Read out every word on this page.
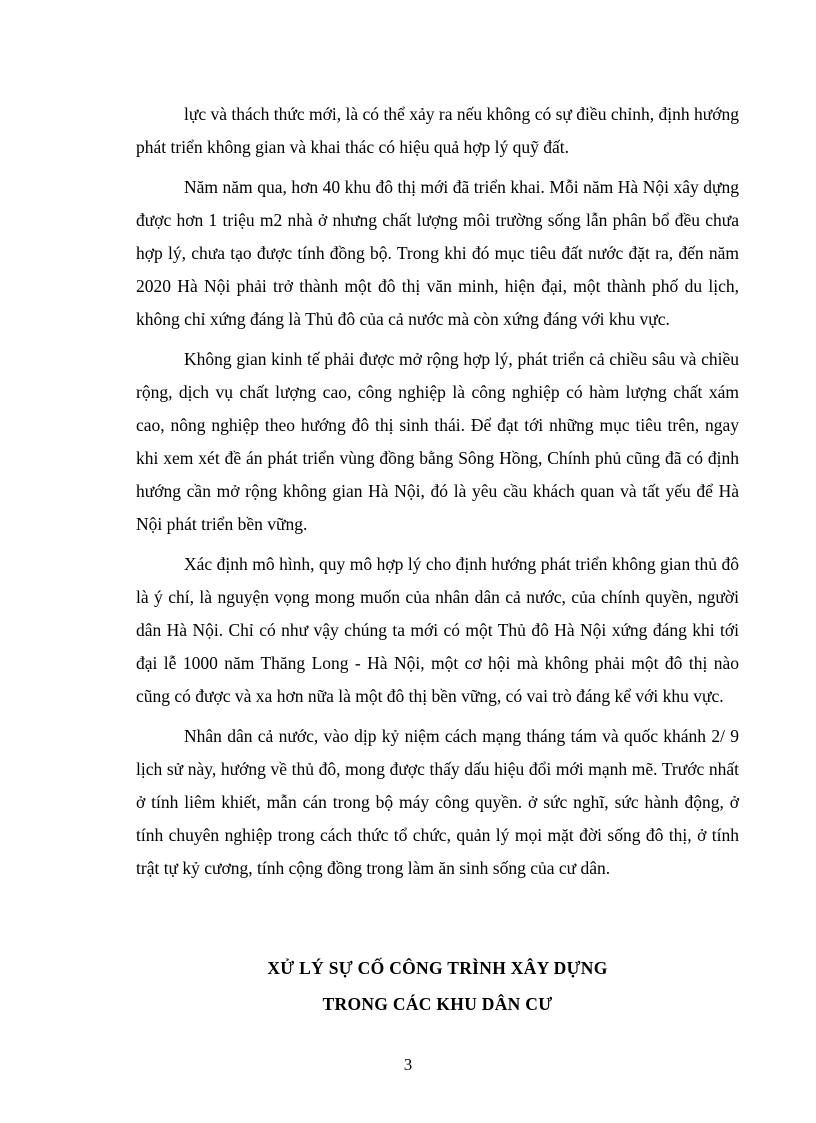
lực và thách thức mới, là có thể xảy ra nếu không có sự điều chỉnh, định hướng phát triển không gian và khai thác có hiệu quả hợp lý quỹ đất.

Năm năm qua, hơn 40 khu đô thị mới đã triển khai. Mỗi năm Hà Nội xây dựng được hơn 1 triệu m2 nhà ở nhưng chất lượng môi trường sống lẫn phân bổ đều chưa hợp lý, chưa tạo được tính đồng bộ. Trong khi đó mục tiêu đất nước đặt ra, đến năm 2020 Hà Nội phải trở thành một đô thị văn minh, hiện đại, một thành phố du lịch, không chỉ xứng đáng là Thủ đô của cả nước mà còn xứng đáng với khu vực.

Không gian kinh tế phải được mở rộng hợp lý, phát triển cả chiều sâu và chiều rộng, dịch vụ chất lượng cao, công nghiệp là công nghiệp có hàm lượng chất xám cao, nông nghiệp theo hướng đô thị sinh thái. Để đạt tới những mục tiêu trên, ngay khi xem xét đề án phát triển vùng đồng bằng Sông Hồng, Chính phủ cũng đã có định hướng cần mở rộng không gian Hà Nội, đó là yêu cầu khách quan và tất yếu để Hà Nội phát triển bền vững.

Xác định mô hình, quy mô hợp lý cho định hướng phát triển không gian thủ đô là ý chí, là nguyện vọng mong muốn của nhân dân cả nước, của chính quyền, người dân Hà Nội. Chỉ có như vậy chúng ta mới có một Thủ đô Hà Nội xứng đáng khi tới đại lễ 1000 năm Thăng Long - Hà Nội, một cơ hội mà không phải một đô thị nào cũng có được và xa hơn nữa là một đô thị bền vững, có vai trò đáng kể với khu vực.

Nhân dân cả nước, vào dịp kỷ niệm cách mạng tháng tám và quốc khánh 2/ 9 lịch sử này, hướng về thủ đô, mong được thấy dấu hiệu đổi mới mạnh mẽ. Trước nhất ở tính liêm khiết, mẫn cán trong bộ máy công quyền. ở sức nghĩ, sức hành động, ở tính chuyên nghiệp trong cách thức tổ chức, quản lý mọi mặt đời sống đô thị, ở tính trật tự kỷ cương, tính cộng đồng trong làm ăn sinh sống của cư dân.

XỬ LÝ SỰ CỐ CÔNG TRÌNH XÂY DỰNG
TRONG CÁC KHU DÂN CƯ
3
